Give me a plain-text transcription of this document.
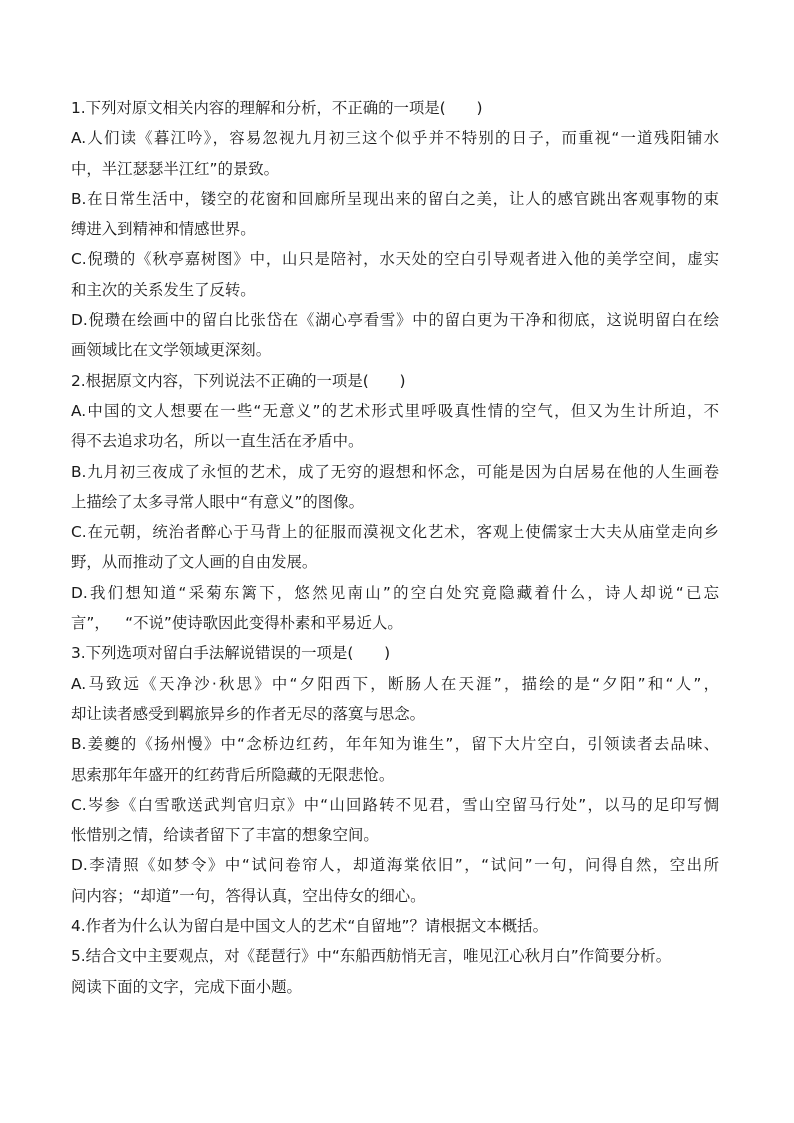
1.下列对原文相关内容的理解和分析，不正确的一项是(  )
A.人们读《暮江吟》，容易忽视九月初三这个似乎并不特别的日子，而重视“一道残阳铺水
中，半江瑟瑟半江红”的景致。
B.在日常生活中，镂空的花窗和回廊所呈现出来的留白之美，让人的感官跳出客观事物的束
缚进入到精神和情感世界。
C.倪瓒的《秋亭嘉树图》中，山只是陪衬，水天处的空白引导观者进入他的美学空间，虚实
和主次的关系发生了反转。
D.倪瓒在绘画中的留白比张岱在《湖心亭看雪》中的留白更为干净和彻底，这说明留白在绘
画领域比在文学领域更深刻。
2.根据原文内容，下列说法不正确的一项是(  )
A.中国的文人想要在一些“无意义”的艺术形式里呼吸真性情的空气，但又为生计所迫，不
得不去追求功名，所以一直生活在矛盾中。
B.九月初三夜成了永恒的艺术，成了无穷的遐想和怀念，可能是因为白居易在他的人生画卷
上描绘了太多寻常人眼中“有意义”的图像。
C.在元朝，统治者醉心于马背上的征服而漠视文化艺术，客观上使儒家士大夫从庙堂走向乡
野，从而推动了文人画的自由发展。
D.我们想知道“采菊东篱下，悠然见南山”的空白处究竟隐藏着什么，诗人却说“已忘
言”， “不说”使诗歌因此变得朴素和平易近人。
3.下列选项对留白手法解说错误的一项是(  )
A.马致远《天净沙·秋思》中“夕阳西下，断肠人在天涯”，描绘的是“夕阳”和“人”，
却让读者感受到羁旅异乡的作者无尽的落寞与思念。
B.姜夔的《扬州慢》中“念桥边红药，年年知为谁生”，留下大片空白，引领读者去品味、
思索那年年盛开的红药背后所隐藏的无限悲怆。
C.岑参《白雪歌送武判官归京》中“山回路转不见君，雪山空留马行处”，以马的足印写惆
怅惜别之情，给读者留下了丰富的想象空间。
D.李清照《如梦令》中“试问卷帘人，却道海棠依旧”，“试问”一句，问得自然，空出所
问内容；“却道”一句，答得认真，空出侍女的细心。
4.作者为什么认为留白是中国文人的艺术“自留地”？请根据文本概括。
5.结合文中主要观点，对《琵琶行》中“东船西舫悄无言，唯见江心秋月白”作简要分析。
阅读下面的文字，完成下面小题。
